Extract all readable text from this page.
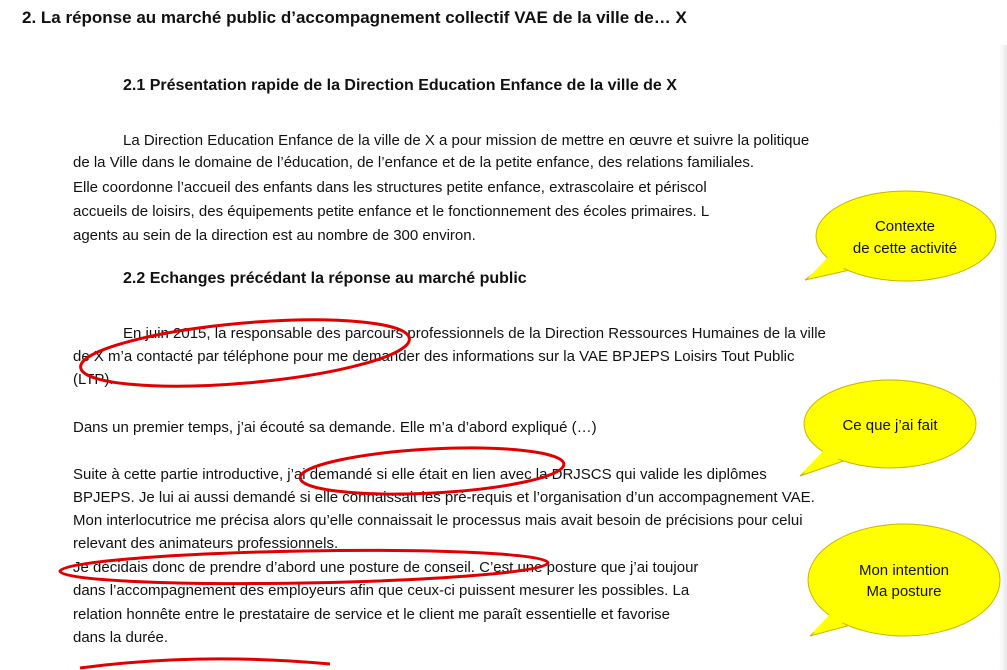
2. La réponse au marché public d’accompagnement collectif VAE de la ville de… X
2.1 Présentation rapide de la Direction Education Enfance de la ville de X
La Direction Education Enfance de la ville de X a pour mission de mettre en œuvre et suivre la politique
de la Ville dans le domaine de l’éducation, de l’enfance et de la petite enfance, des relations familiales.
Elle coordonne l’accueil des enfants dans les structures petite enfance, extrascolaire et périscol
accueils de loisirs, des équipements petite enfance et le fonctionnement des écoles primaires. L
agents au sein de la direction est au nombre de 300 environ.
2.2 Echanges précédant la réponse au marché public
En juin 2015, la responsable des parcours professionnels de la Direction Ressources Humaines de la ville
de X m’a contacté par téléphone pour me demander des informations sur la VAE BPJEPS Loisirs Tout Public
(LTP).
Dans un premier temps, j’ai écouté sa demande. Elle m’a d’abord expliqué (…)
Suite à cette partie introductive, j’ai demandé si elle était en lien avec la DRJSCS qui valide les diplômes
BPJEPS. Je lui ai aussi demandé si elle connaissait les pré-requis et l’organisation d’un accompagnement VAE.
Mon interlocutrice me précisa alors qu’elle connaissait le processus mais avait besoin de précisions pour celui
relevant des animateurs professionnels.
Je décidais donc de prendre d’abord une posture de conseil. C’est une posture que j’ai toujour
dans l’accompagnement des employeurs afin que ceux-ci puissent mesurer les possibles. La
relation honnête entre le prestataire de service et le client me paraît essentielle et favorise
dans la durée.
Contexte
de cette activité
Ce que j’ai fait
Mon intention
Ma posture
